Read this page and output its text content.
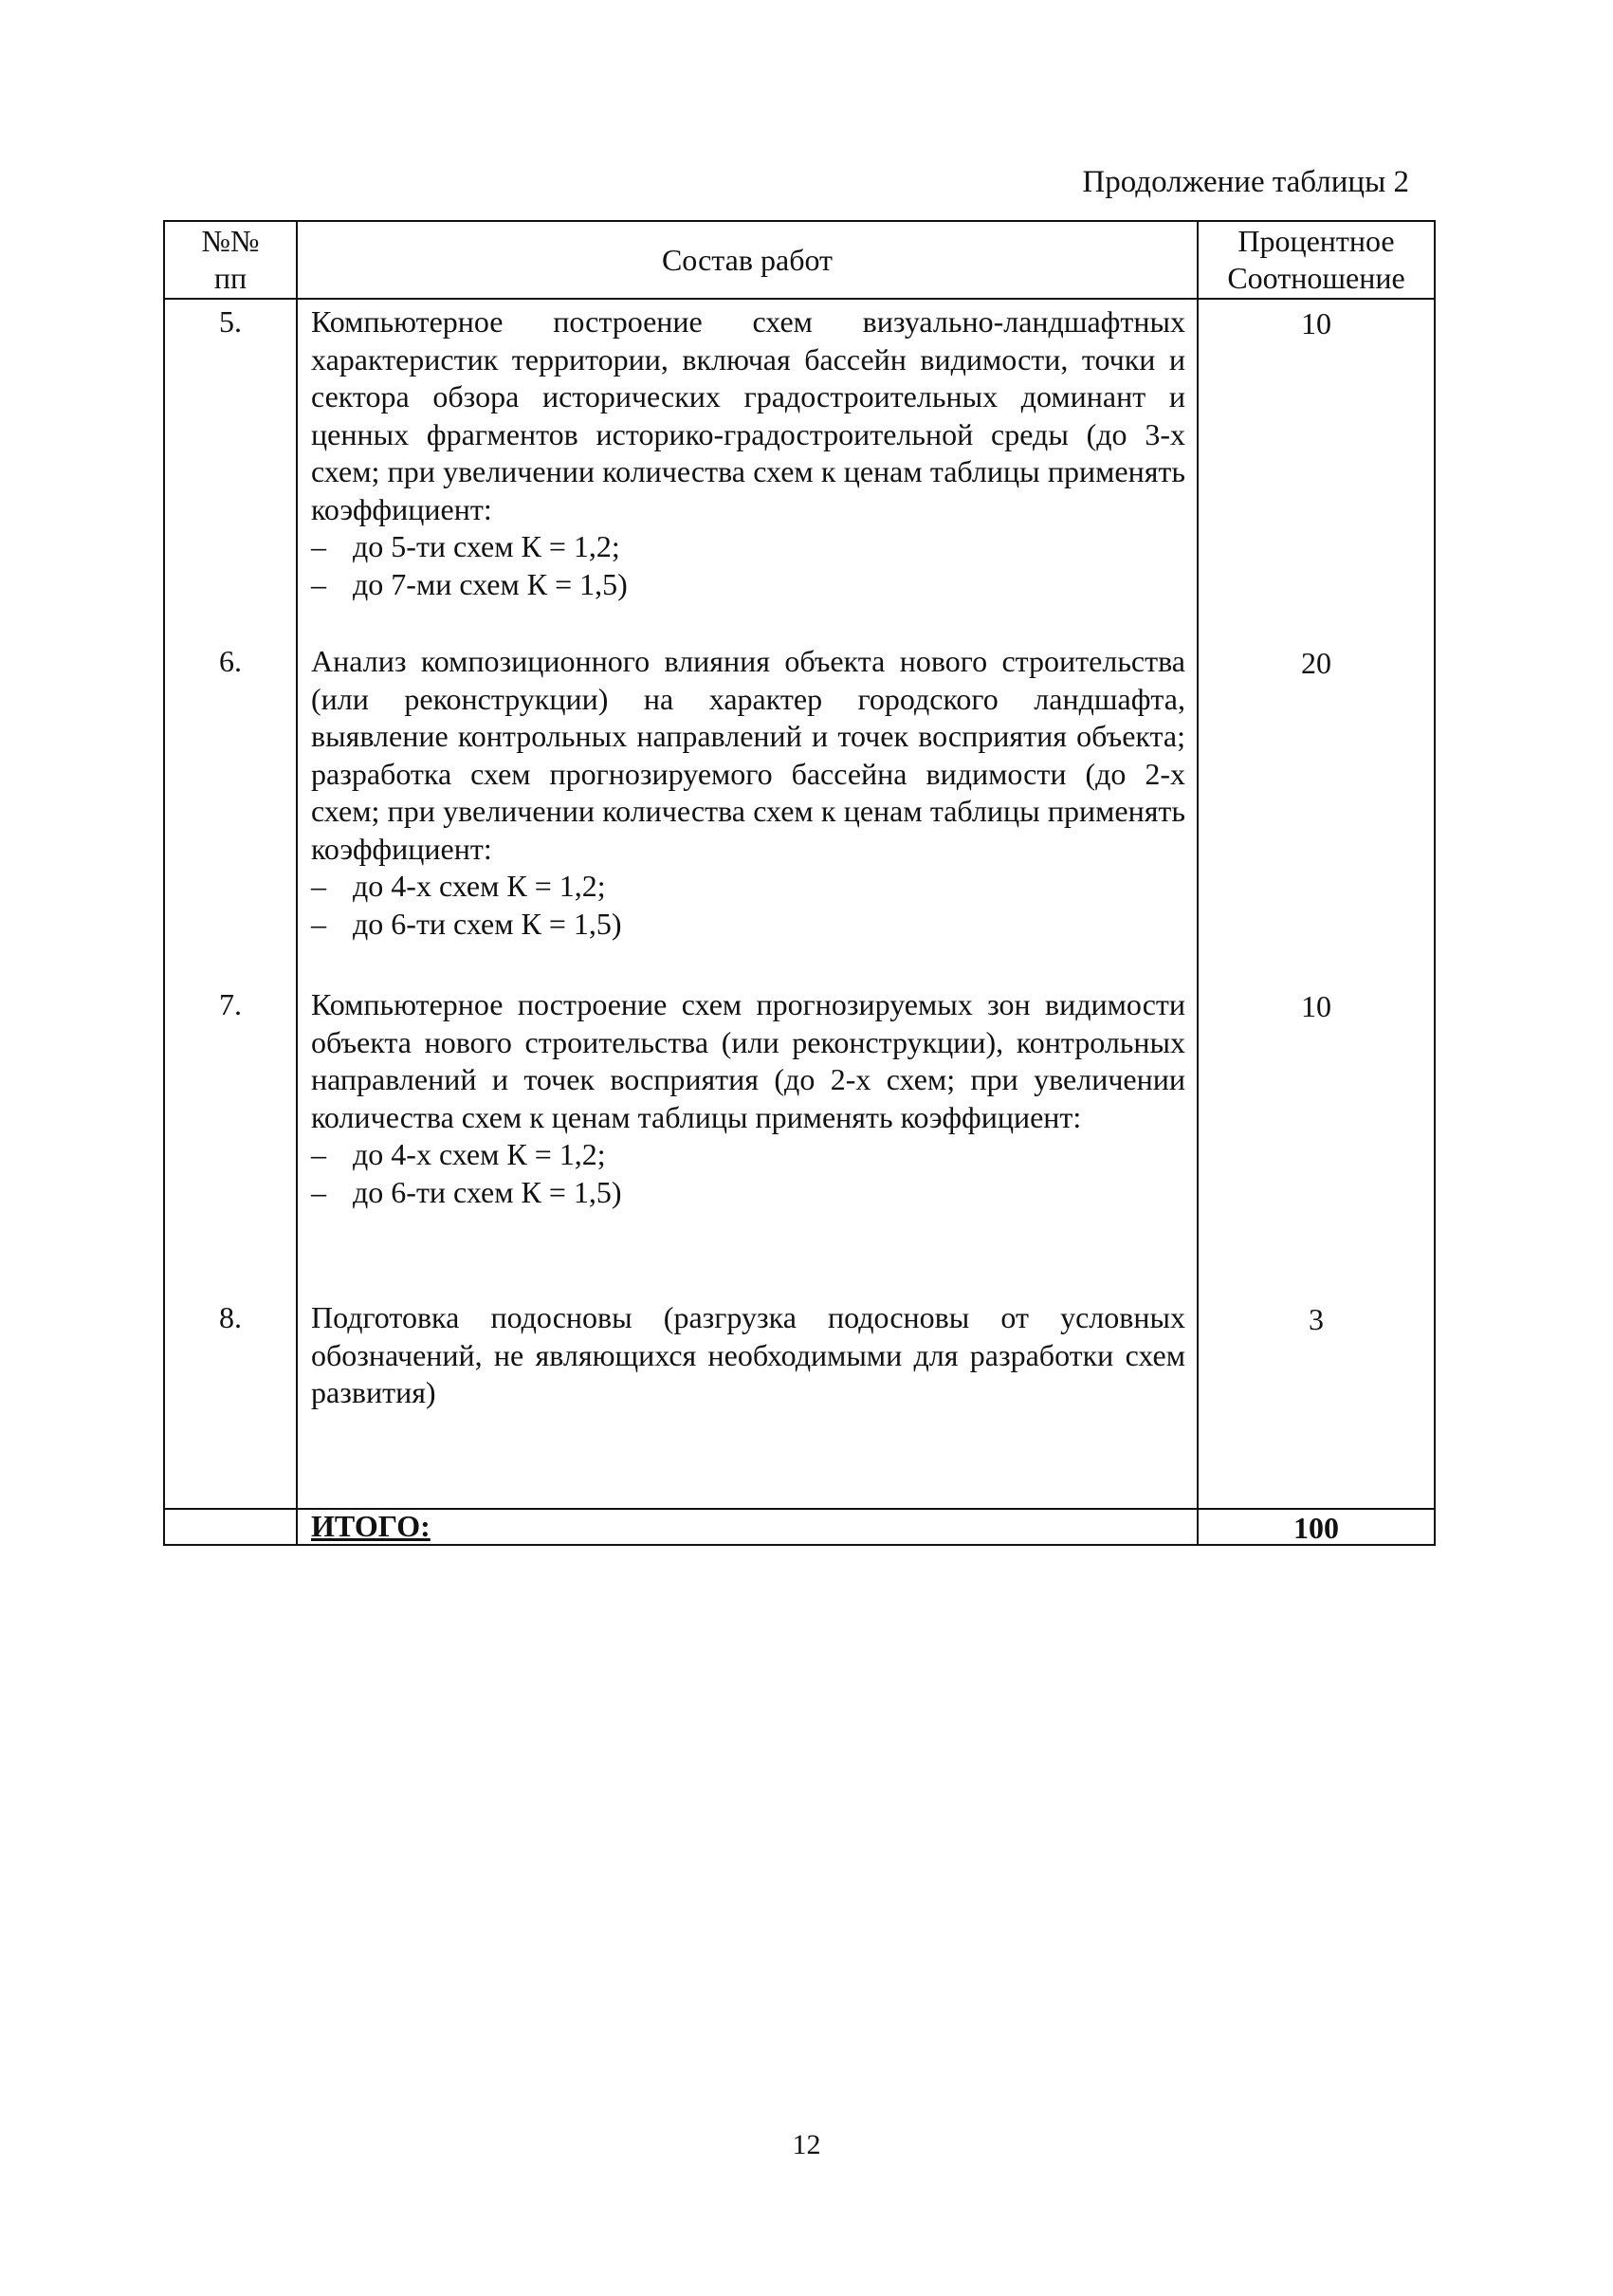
Продолжение таблицы 2
№№
пп	Состав работ	Процентное
Соотношение

5.	Компьютерное построение схем визуально-ландшафтных характеристик территории, включая бассейн видимости, точки и сектора обзора исторических градостроительных доминант и ценных фрагментов историко-градостроительной среды (до 3-х схем; при увеличении количества схем к ценам таблицы применять коэффициент:
– до 5-ти схем К = 1,2;
– до 7-ми схем К = 1,5)	10
6.	Анализ композиционного влияния объекта нового строительства (или реконструкции) на характер городского ландшафта, выявление контрольных направлений и точек восприятия объекта; разработка схем прогнозируемого бассейна видимости (до 2-х схем; при увеличении количества схем к ценам таблицы применять коэффициент:
– до 4-х схем К = 1,2;
– до 6-ти схем К = 1,5)	20
7.	Компьютерное построение схем прогнозируемых зон видимости объекта нового строительства (или реконструкции), контрольных направлений и точек восприятия (до 2-х схем; при увеличении количества схем к ценам таблицы применять коэффициент:
– до 4-х схем К = 1,2;
– до 6-ти схем К = 1,5)	10
8.	Подготовка подосновы (разгрузка подосновы от условных обозначений, не являющихся необходимыми для разработки схем развития)	3
	ИТОГО:	100
12
